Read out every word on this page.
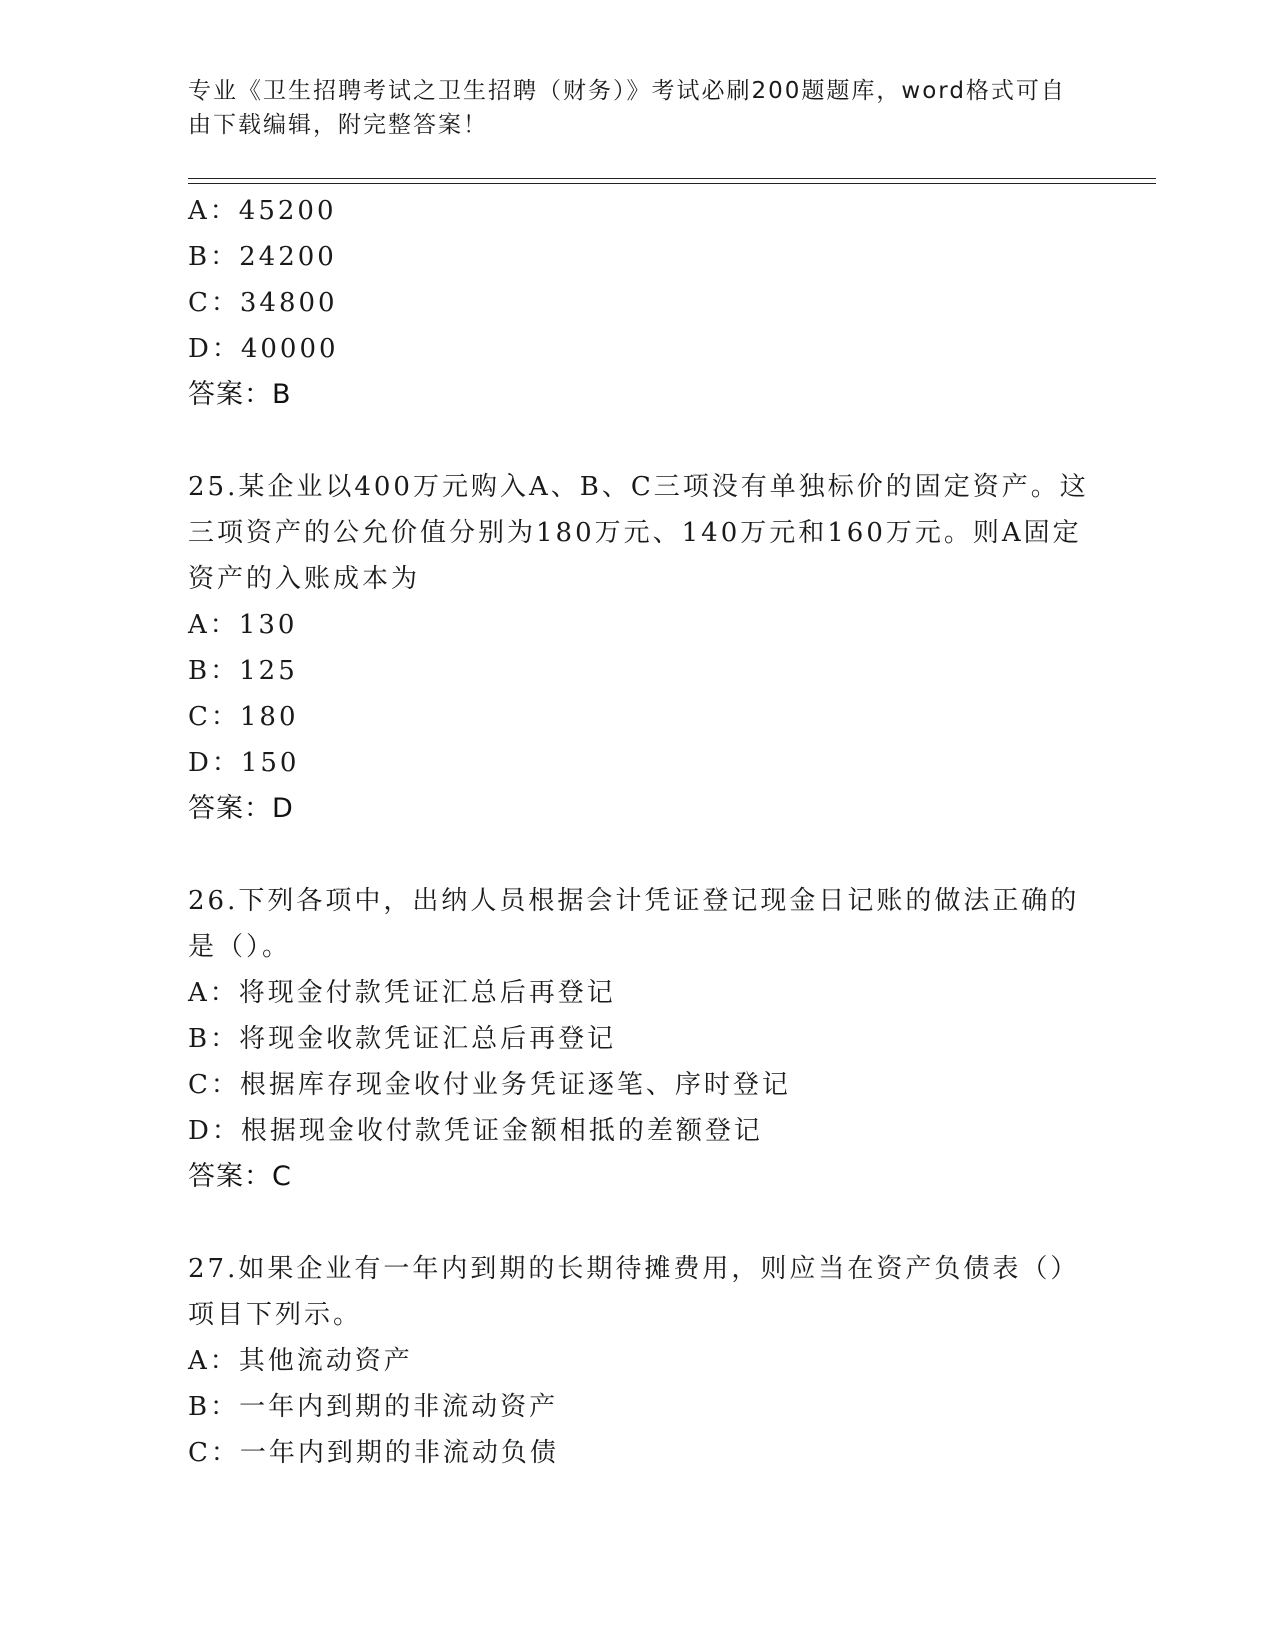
专业《卫生招聘考试之卫生招聘（财务）》考试必刷200题题库，word格式可自
由下载编辑，附完整答案！
A：45200
B：24200
C：34800
D：40000
答案：B
25.某企业以400万元购入A、B、C三项没有单独标价的固定资产。这
三项资产的公允价值分别为180万元、140万元和160万元。则A固定
资产的入账成本为
A：130
B：125
C：180
D：150
答案：D
26.下列各项中，出纳人员根据会计凭证登记现金日记账的做法正确的
是（）。
A：将现金付款凭证汇总后再登记
B：将现金收款凭证汇总后再登记
C：根据库存现金收付业务凭证逐笔、序时登记
D：根据现金收付款凭证金额相抵的差额登记
答案：C
27.如果企业有一年内到期的长期待摊费用，则应当在资产负债表（）
项目下列示。
A：其他流动资产
B：一年内到期的非流动资产
C：一年内到期的非流动负债
